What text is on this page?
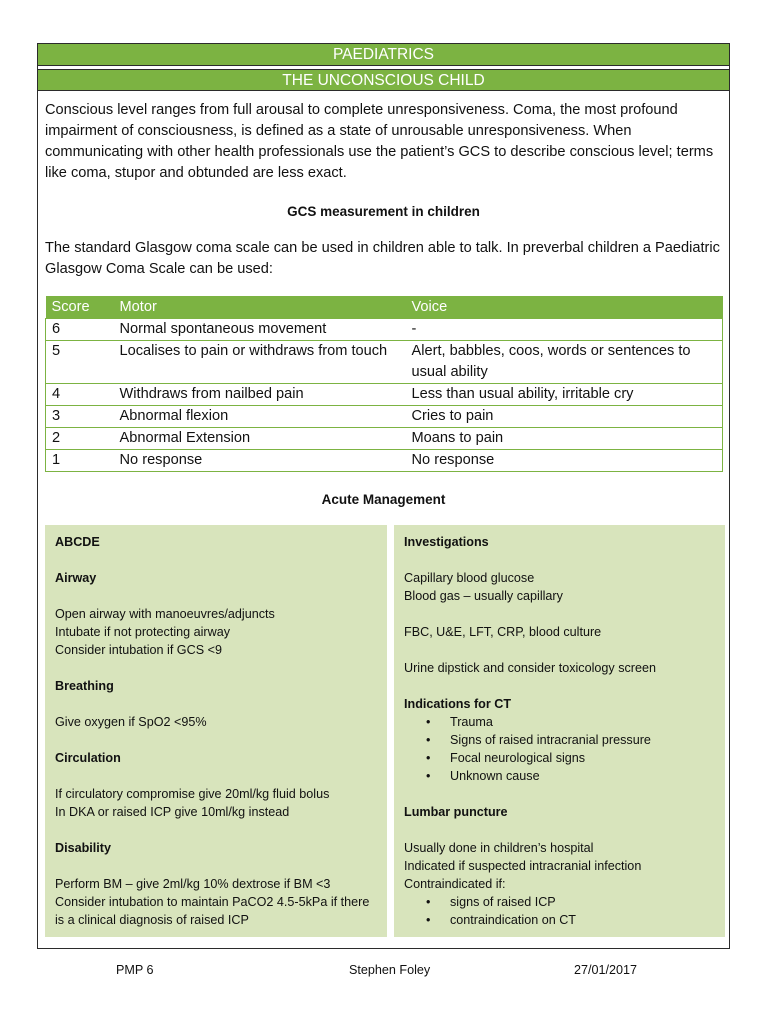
PAEDIATRICS
THE UNCONSCIOUS CHILD
Conscious level ranges from full arousal to complete unresponsiveness. Coma, the most profound impairment of consciousness, is defined as a state of unrousable unresponsiveness. When communicating with other health professionals use the patient’s GCS to describe conscious level; terms like coma, stupor and obtunded are less exact.
GCS measurement in children
The standard Glasgow coma scale can be used in children able to talk. In preverbal children a Paediatric Glasgow Coma Scale can be used:
Score	Motor	Voice
6	Normal spontaneous movement	-
5	Localises to pain or withdraws from touch	Alert, babbles, coos, words or sentences to usual ability
4	Withdraws from nailbed pain	Less than usual ability, irritable cry
3	Abnormal flexion	Cries to pain
2	Abnormal Extension	Moans to pain
1	No response	No response
Acute Management
ABCDE
Airway
Open airway with manoeuvres/adjuncts
Intubate if not protecting airway
Consider intubation if GCS <9
Breathing
Give oxygen if SpO2 <95%
Circulation
If circulatory compromise give 20ml/kg fluid bolus
In DKA or raised ICP give 10ml/kg instead
Disability
Perform BM – give 2ml/kg 10% dextrose if BM <3
Consider intubation to maintain PaCO2 4.5-5kPa if there is a clinical diagnosis of raised ICP
Investigations
Capillary blood glucose
Blood gas – usually capillary
FBC, U&E, LFT, CRP, blood culture
Urine dipstick and consider toxicology screen
Indications for CT
• Trauma
• Signs of raised intracranial pressure
• Focal neurological signs
• Unknown cause
Lumbar puncture
Usually done in children’s hospital
Indicated if suspected intracranial infection
Contraindicated if:
• signs of raised ICP
• contraindication on CT
PMP 6	Stephen Foley	27/01/2017
